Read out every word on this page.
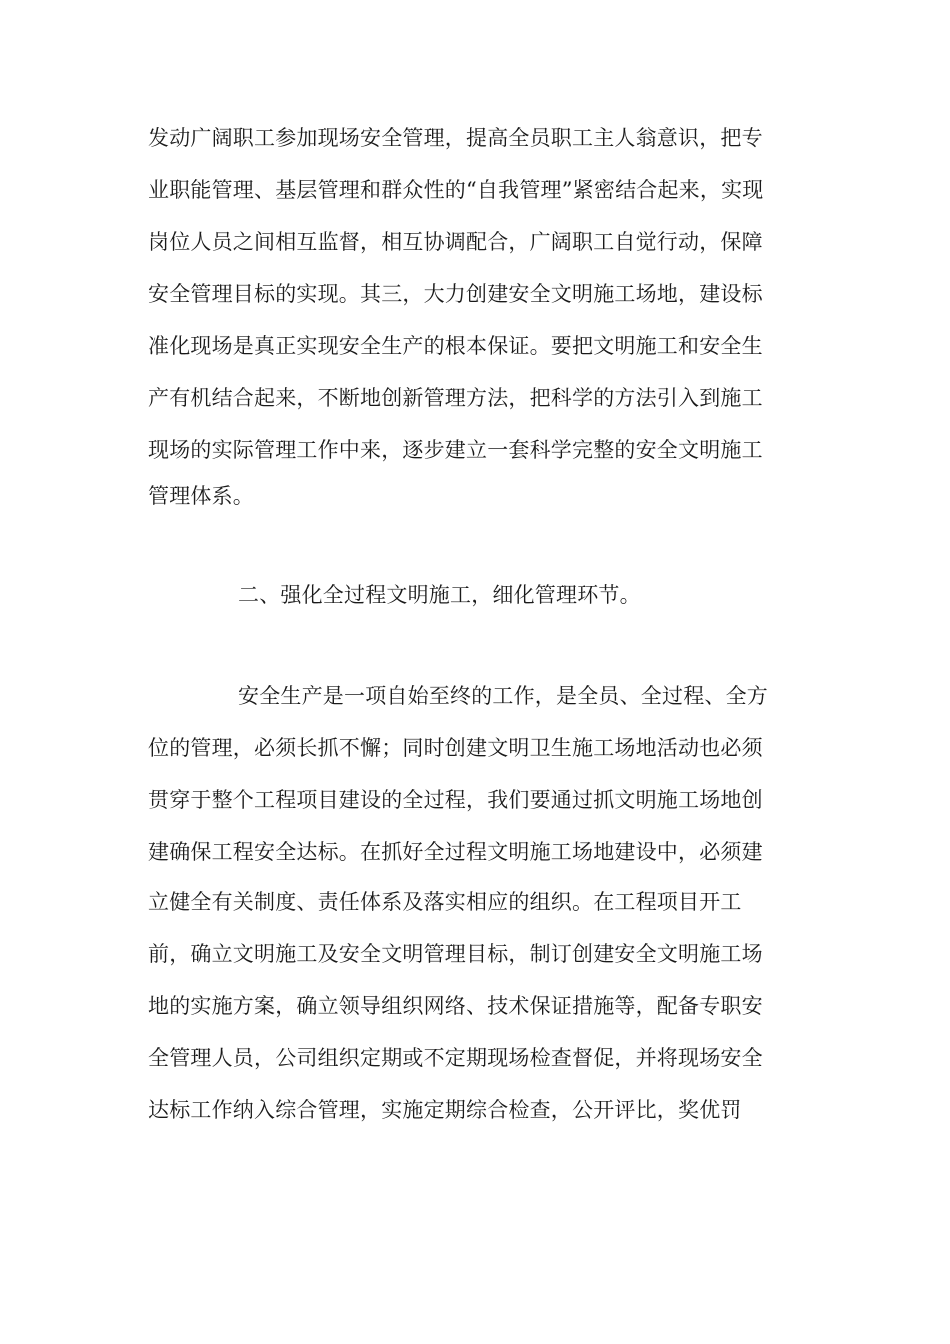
发动广阔职工参加现场安全管理，提高全员职工主人翁意识，把专
业职能管理、基层管理和群众性的“自我管理”紧密结合起来，实现
岗位人员之间相互监督，相互协调配合，广阔职工自觉行动，保障
安全管理目标的实现。其三，大力创建安全文明施工场地，建设标
准化现场是真正实现安全生产的根本保证。要把文明施工和安全生
产有机结合起来，不断地创新管理方法，把科学的方法引入到施工
现场的实际管理工作中来，逐步建立一套科学完整的安全文明施工
管理体系。
二、强化全过程文明施工，细化管理环节。
安全生产是一项自始至终的工作，是全员、全过程、全方
位的管理，必须长抓不懈；同时创建文明卫生施工场地活动也必须
贯穿于整个工程项目建设的全过程，我们要通过抓文明施工场地创
建确保工程安全达标。在抓好全过程文明施工场地建设中，必须建
立健全有关制度、责任体系及落实相应的组织。在工程项目开工
前，确立文明施工及安全文明管理目标，制订创建安全文明施工场
地的实施方案，确立领导组织网络、技术保证措施等，配备专职安
全管理人员，公司组织定期或不定期现场检查督促，并将现场安全
达标工作纳入综合管理，实施定期综合检查，公开评比，奖优罚
